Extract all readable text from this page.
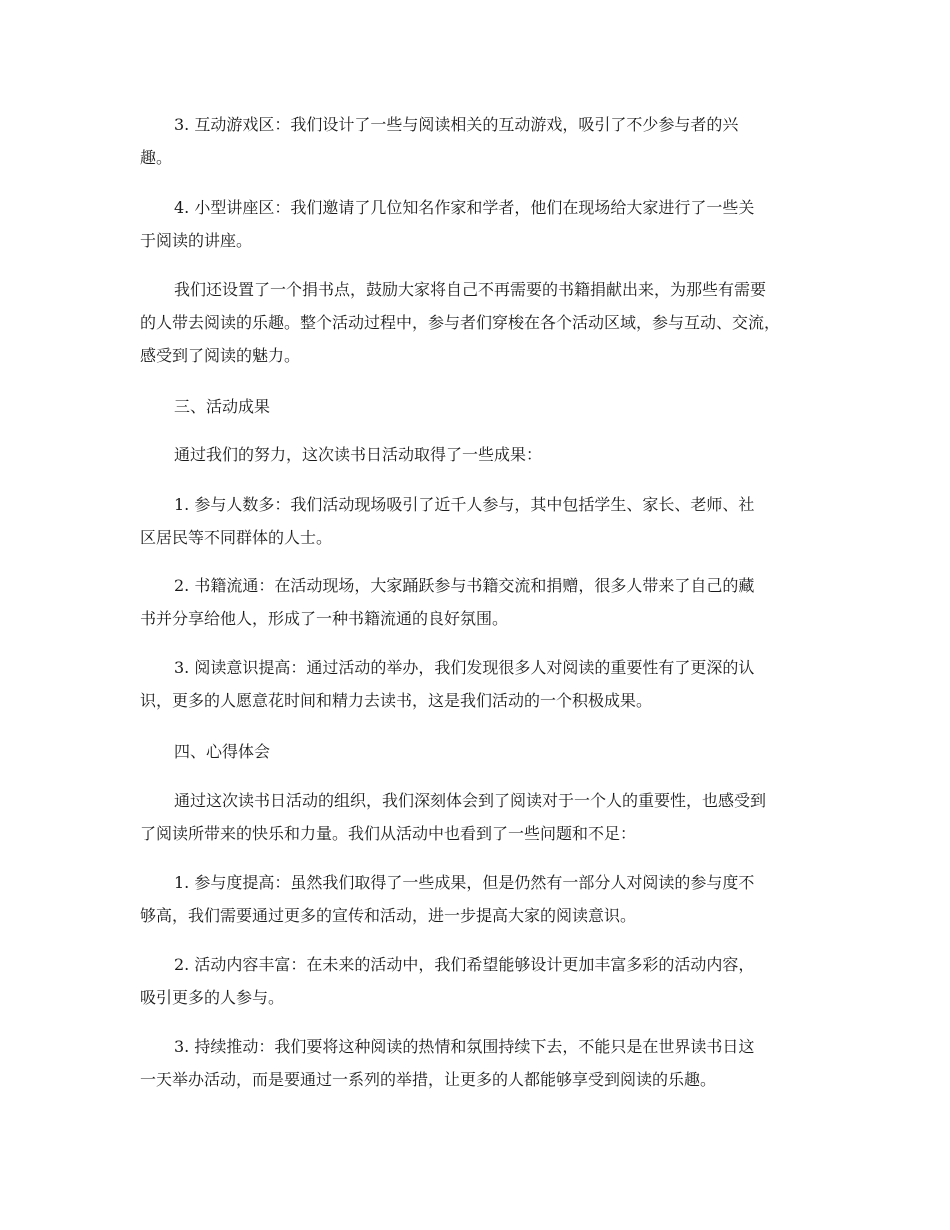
3. 互动游戏区：我们设计了一些与阅读相关的互动游戏，吸引了不少参与者的兴
趣。

4. 小型讲座区：我们邀请了几位知名作家和学者，他们在现场给大家进行了一些关
于阅读的讲座。

我们还设置了一个捐书点，鼓励大家将自己不再需要的书籍捐献出来，为那些有需要
的人带去阅读的乐趣。整个活动过程中，参与者们穿梭在各个活动区域，参与互动、交流，
感受到了阅读的魅力。

三、活动成果

通过我们的努力，这次读书日活动取得了一些成果：

1. 参与人数多：我们活动现场吸引了近千人参与，其中包括学生、家长、老师、社
区居民等不同群体的人士。

2. 书籍流通：在活动现场，大家踊跃参与书籍交流和捐赠，很多人带来了自己的藏
书并分享给他人，形成了一种书籍流通的良好氛围。

3. 阅读意识提高：通过活动的举办，我们发现很多人对阅读的重要性有了更深的认
识，更多的人愿意花时间和精力去读书，这是我们活动的一个积极成果。

四、心得体会

通过这次读书日活动的组织，我们深刻体会到了阅读对于一个人的重要性，也感受到
了阅读所带来的快乐和力量。我们从活动中也看到了一些问题和不足：

1. 参与度提高：虽然我们取得了一些成果，但是仍然有一部分人对阅读的参与度不
够高，我们需要通过更多的宣传和活动，进一步提高大家的阅读意识。

2. 活动内容丰富：在未来的活动中，我们希望能够设计更加丰富多彩的活动内容，
吸引更多的人参与。

3. 持续推动：我们要将这种阅读的热情和氛围持续下去，不能只是在世界读书日这
一天举办活动，而是要通过一系列的举措，让更多的人都能够享受到阅读的乐趣。
